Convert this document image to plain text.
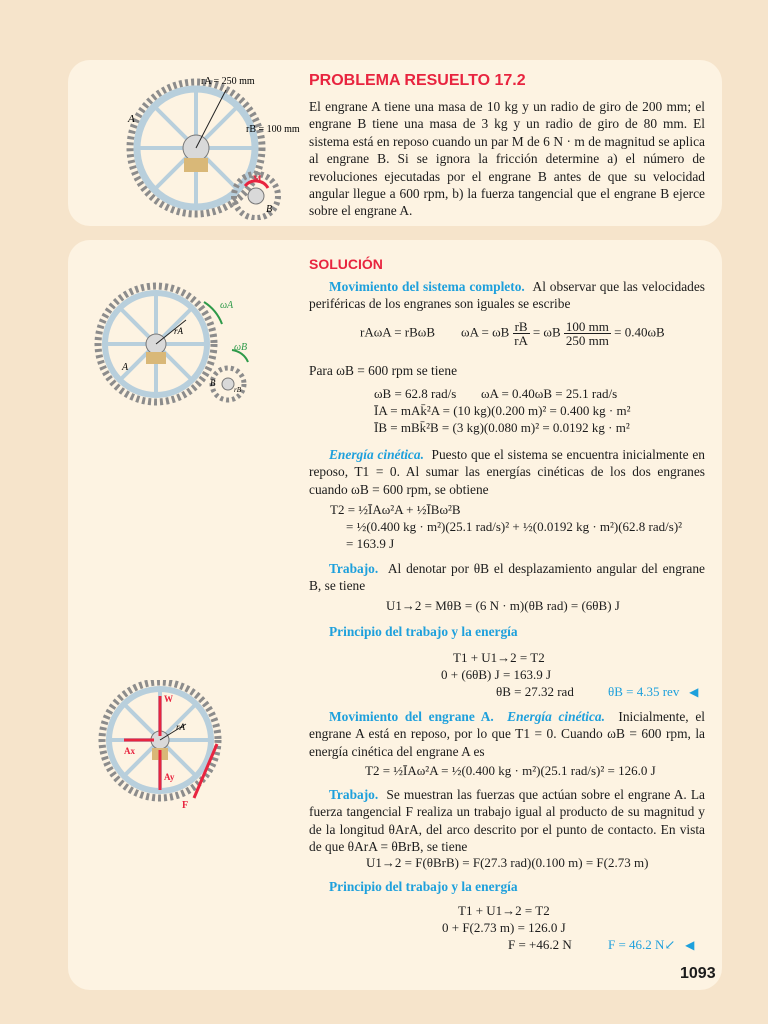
rA = 250 mm
rB = 100 mm
A
B
M
PROBLEMA RESUELTO 17.2
El engrane A tiene una masa de 10 kg y un radio de giro de 200 mm; el engrane B tiene una masa de 3 kg y un radio de giro de 80 mm. El sistema está en reposo cuando un par M de 6 N · m de magnitud se aplica al engrane B. Si se ignora la fricción determine a) el número de revoluciones ejecutadas por el engrane B antes de que su velocidad angular llegue a 600 rpm, b) la fuerza tangencial que el engrane B ejerce sobre el engrane A.
ωA
ωB
rA
A
B
rB
W
rA
Ax
Ay
F
SOLUCIÓN
Movimiento del sistema completo. Al observar que las velocidades periféricas de los engranes son iguales se escribe
rAωA = rBωB ωA = ωB $\frac{rB}{rA} = \omega B \frac{100 mm}{250 mm} = 0.40\omega B$
Para ωB = 600 rpm se tiene
ωB = 62.8 rad/s ωA = 0.40ωB = 25.1 rad/s
ĪA = mAk̄²A = (10 kg)(0.200 m)² = 0.400 kg · m²
ĪB = mBk̄²B = (3 kg)(0.080 m)² = 0.0192 kg · m²
Energía cinética. Puesto que el sistema se encuentra inicialmente en reposo, T1 = 0. Al sumar las energías cinéticas de los dos engranes cuando ωB = 600 rpm, se obtiene
T2 = ½ĪAω²A + ½ĪBω²B
= ½(0.400 kg · m²)(25.1 rad/s)² + ½(0.0192 kg · m²)(62.8 rad/s)²
= 163.9 J
Trabajo. Al denotar por θB el desplazamiento angular del engrane B, se tiene
U1→2 = MθB = (6 N · m)(θB rad) = (6θB) J
Principio del trabajo y la energía
T1 + U1→2 = T2
0 + (6θB) J = 163.9 J
θB = 27.32 rad	θB = 4.35 rev ◀
Movimiento del engrane A. Energía cinética. Inicialmente, el engrane A está en reposo, por lo que T1 = 0. Cuando ωB = 600 rpm, la energía cinética del engrane A es
T2 = ½ĪAω²A = ½(0.400 kg · m²)(25.1 rad/s)² = 126.0 J
Trabajo. Se muestran las fuerzas que actúan sobre el engrane A. La fuerza tangencial F realiza un trabajo igual al producto de su magnitud y de la longitud θArA, del arco descrito por el punto de contacto. En vista de que θArA = θBrB, se tiene
U1→2 = F(θBrB) = F(27.3 rad)(0.100 m) = F(2.73 m)
Principio del trabajo y la energía
T1 + U1→2 = T2
0 + F(2.73 m) = 126.0 J
F = +46.2 N	F = 46.2 N↙ ◀
1093
